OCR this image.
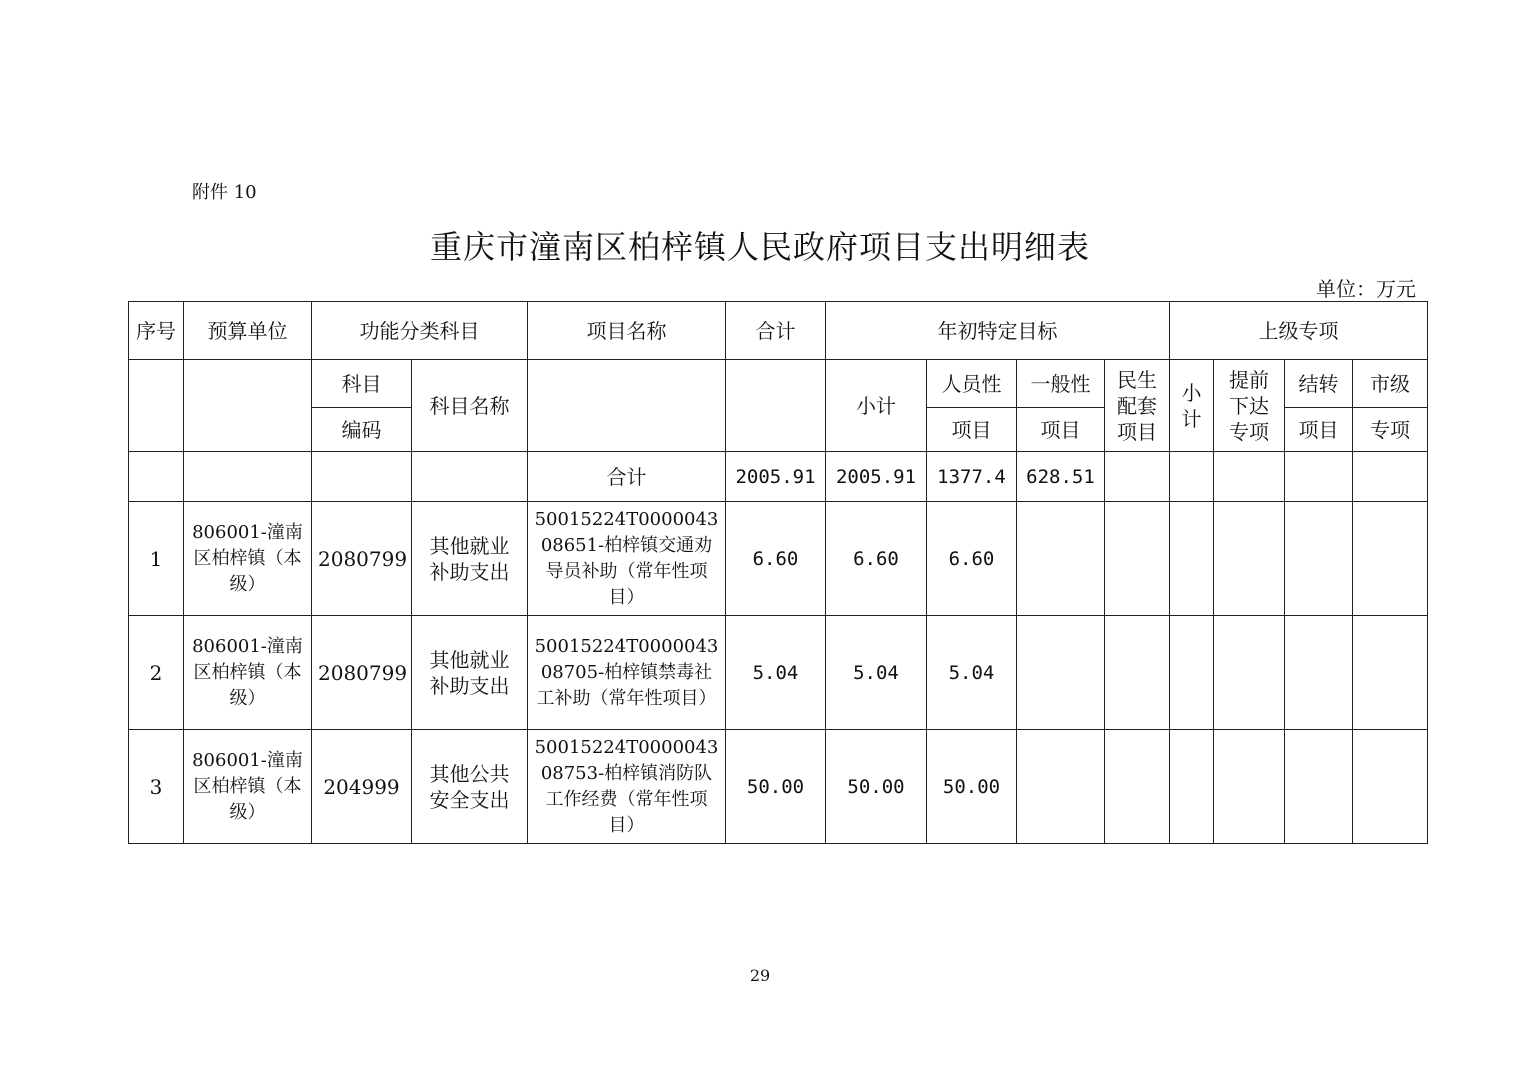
附件 10
重庆市潼南区柏梓镇人民政府项目支出明细表
单位：万元
序号	预算单位	功能分类科目		项目名称	合计	年初特定目标				上级专项			
		科目	科目名称			小计	人员性	一般性	民生配套项目	小计	提前下达专项	结转	市级
		编码					项目	项目				项目	专项
				合计	2005.91	2005.91	1377.4	628.51					
1	806001-潼南区柏梓镇（本级）	2080799	其他就业补助支出	50015224T000004308651-柏梓镇交通劝导员补助（常年性项目）	6.60	6.60	6.60						
2	806001-潼南区柏梓镇（本级）	2080799	其他就业补助支出	50015224T000004308705-柏梓镇禁毒社工补助（常年性项目）	5.04	5.04	5.04						
3	806001-潼南区柏梓镇（本级）	204999	其他公共安全支出	50015224T000004308753-柏梓镇消防队工作经费（常年性项目）	50.00	50.00	50.00						
29
